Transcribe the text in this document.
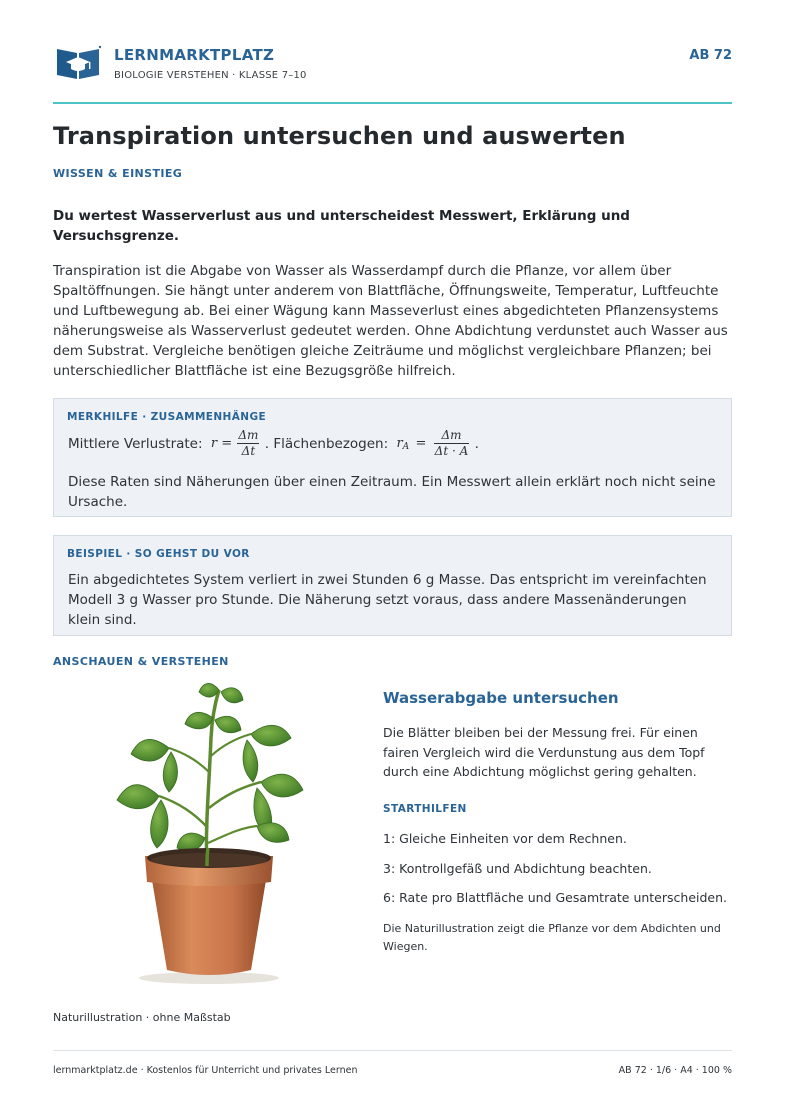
LERNMARKTPLATZ
BIOLOGIE VERSTEHEN · KLASSE 7–10
AB 72
Transpiration untersuchen und auswerten
WISSEN & EINSTIEG
Du wertest Wasserverlust aus und unterscheidest Messwert, Erklärung und Versuchsgrenze.
Transpiration ist die Abgabe von Wasser als Wasserdampf durch die Pflanze, vor allem über Spaltöffnungen. Sie hängt unter anderem von Blattfläche, Öffnungsweite, Temperatur, Luftfeuchte und Luftbewegung ab. Bei einer Wägung kann Masseverlust eines abgedichteten Pflanzensystems näherungsweise als Wasserverlust gedeutet werden. Ohne Abdichtung verdunstet auch Wasser aus dem Substrat. Vergleiche benötigen gleiche Zeiträume und möglichst vergleichbare Pflanzen; bei unterschiedlicher Blattfläche ist eine Bezugsgröße hilfreich.
MERKHILFE · ZUSAMMENHÄNGE
Mittlere Verlustrate: $r = \frac{\Delta m}{\Delta t}$ . Flächenbezogen: $r_A = \frac{\Delta m}{\Delta t \cdot A}$ .
Diese Raten sind Näherungen über einen Zeitraum. Ein Messwert allein erklärt noch nicht seine Ursache.
BEISPIEL · SO GEHST DU VOR
Ein abgedichtetes System verliert in zwei Stunden 6 g Masse. Das entspricht im vereinfachten Modell 3 g Wasser pro Stunde. Die Näherung setzt voraus, dass andere Massenänderungen klein sind.
ANSCHAUEN & VERSTEHEN
Naturillustration · ohne Maßstab
Wasserabgabe untersuchen
Die Blätter bleiben bei der Messung frei. Für einen fairen Vergleich wird die Verdunstung aus dem Topf durch eine Abdichtung möglichst gering gehalten.
STARTHILFEN
1: Gleiche Einheiten vor dem Rechnen.
3: Kontrollgefäß und Abdichtung beachten.
6: Rate pro Blattfläche und Gesamtrate unterscheiden.
Die Naturillustration zeigt die Pflanze vor dem Abdichten und Wiegen.
lernmarktplatz.de · Kostenlos für Unterricht und privates Lernen	AB 72 · 1/6 · A4 · 100 %
